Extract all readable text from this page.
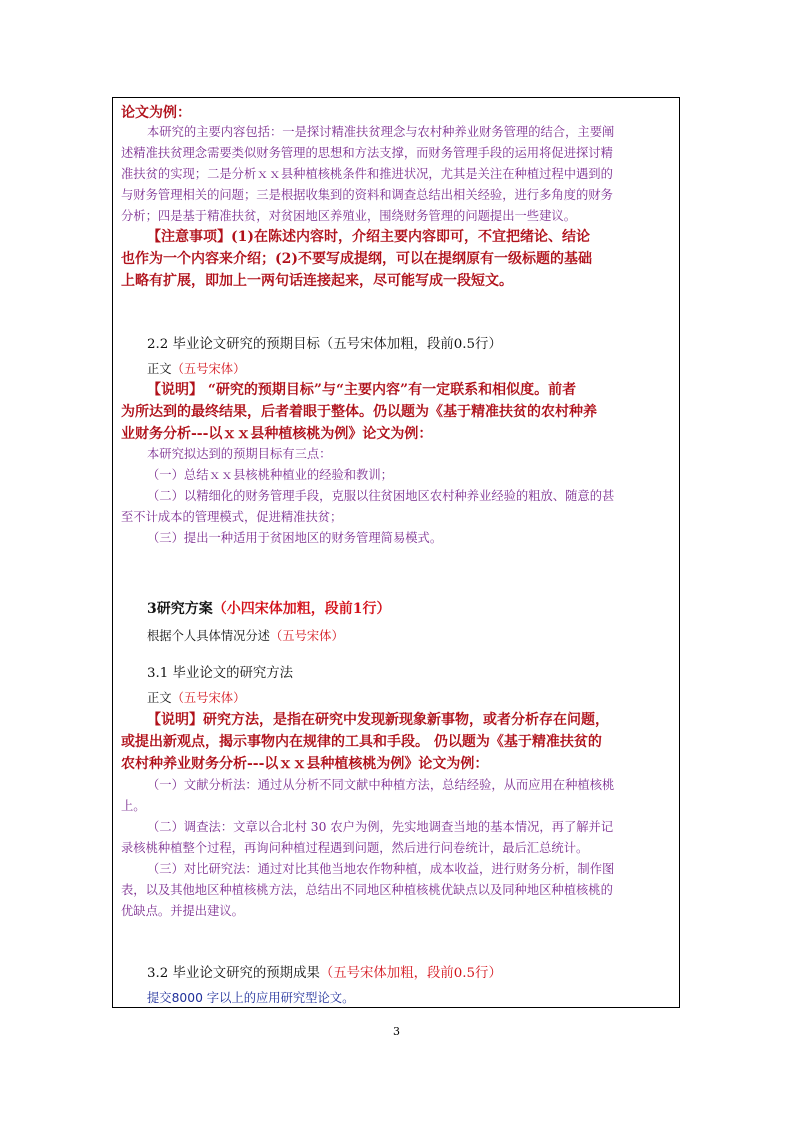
论文为例：

本研究的主要内容包括：一是探讨精准扶贫理念与农村种养业财务管理的结合，主要阐

述精准扶贫理念需要类似财务管理的思想和方法支撑，而财务管理手段的运用将促进探讨精

准扶贫的实现；二是分析ｘｘ县种植核桃条件和推进状况，尤其是关注在种植过程中遇到的

与财务管理相关的问题；三是根据收集到的资料和调查总结出相关经验，进行多角度的财务

分析；四是基于精准扶贫，对贫困地区养殖业，围绕财务管理的问题提出一些建议。

【注意事项】(1)在陈述内容时，介绍主要内容即可，不宜把绪论、结论

也作为一个内容来介绍；(2)不要写成提纲，可以在提纲原有一级标题的基础

上略有扩展，即加上一两句话连接起来，尽可能写成一段短文。

2.2 毕业论文研究的预期目标（五号宋体加粗，段前0.5行）

正文（五号宋体）

【说明】 “研究的预期目标”与“主要内容”有一定联系和相似度。前者

为所达到的最终结果，后者着眼于整体。仍以题为《基于精准扶贫的农村种养

业财务分析---以ｘｘ县种植核桃为例》论文为例：

本研究拟达到的预期目标有三点：

（一）总结ｘｘ县核桃种植业的经验和教训；

（二）以精细化的财务管理手段，克服以往贫困地区农村种养业经验的粗放、随意的甚

至不计成本的管理模式，促进精准扶贫；

（三）提出一种适用于贫困地区的财务管理简易模式。

3研究方案（小四宋体加粗，段前1行）

根据个人具体情况分述（五号宋体）

3.1 毕业论文的研究方法

正文（五号宋体）

【说明】研究方法，是指在研究中发现新现象新事物，或者分析存在问题，

或提出新观点，揭示事物内在规律的工具和手段。 仍以题为《基于精准扶贫的

农村种养业财务分析---以ｘｘ县种植核桃为例》论文为例：

（一）文献分析法：通过从分析不同文献中种植方法，总结经验，从而应用在种植核桃

上。

（二）调查法：文章以合北村 30 农户为例，先实地调查当地的基本情况，再了解并记

录核桃种植整个过程，再询问种植过程遇到问题，然后进行问卷统计，最后汇总统计。

（三）对比研究法：通过对比其他当地农作物种植，成本收益，进行财务分析，制作图

表，以及其他地区种植核桃方法，总结出不同地区种植核桃优缺点以及同种地区种植核桃的

优缺点。并提出建议。

3.2 毕业论文研究的预期成果（五号宋体加粗，段前0.5行）

提交8000 字以上的应用研究型论文。

3
